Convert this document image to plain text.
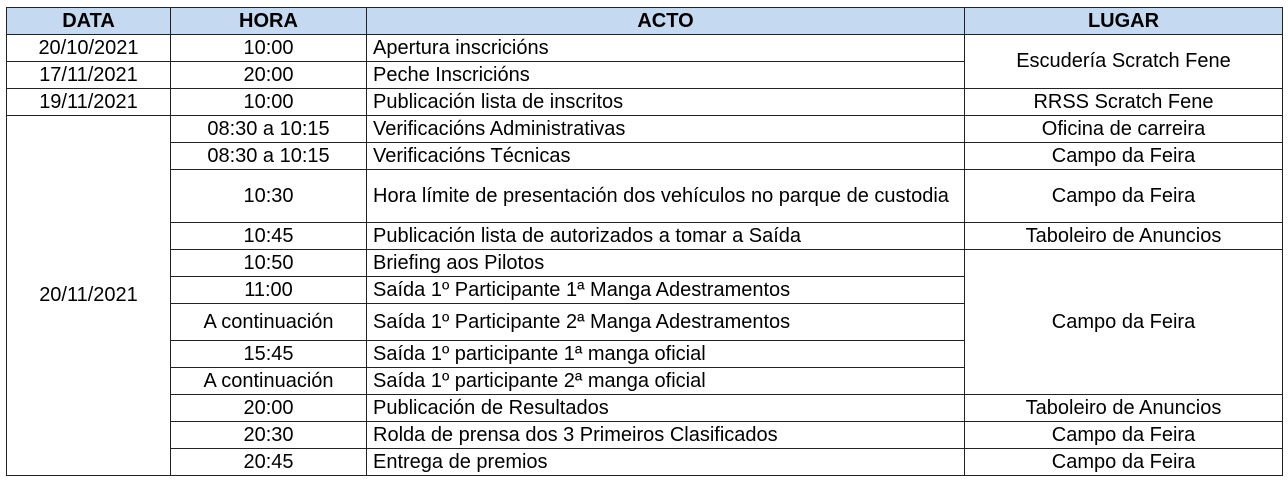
DATA	HORA	ACTO	LUGAR
20/10/2021	10:00	Apertura inscricións	Escudería Scratch Fene
17/11/2021	20:00	Peche Inscricións	
19/11/2021	10:00	Publicación lista de inscritos	RRSS Scratch Fene
20/11/2021	08:30 a 10:15	Verificacións Administrativas	Oficina de carreira
	08:30 a 10:15	Verificacións Técnicas	Campo da Feira
	10:30	Hora límite de presentación dos vehículos no parque de custodia	Campo da Feira
	10:45	Publicación lista de autorizados a tomar a Saída	Taboleiro de Anuncios
	10:50	Briefing aos Pilotos	Campo da Feira
	11:00	Saída 1º Participante 1ª Manga Adestramentos	
	A continuación	Saída 1º Participante 2ª Manga Adestramentos	
	15:45	Saída 1º participante 1ª manga oficial	
	A continuación	Saída 1º participante 2ª manga oficial	
	20:00	Publicación de Resultados	Taboleiro de Anuncios
	20:30	Rolda de prensa dos 3 Primeiros Clasificados	Campo da Feira
	20:45	Entrega de premios	Campo da Feira
